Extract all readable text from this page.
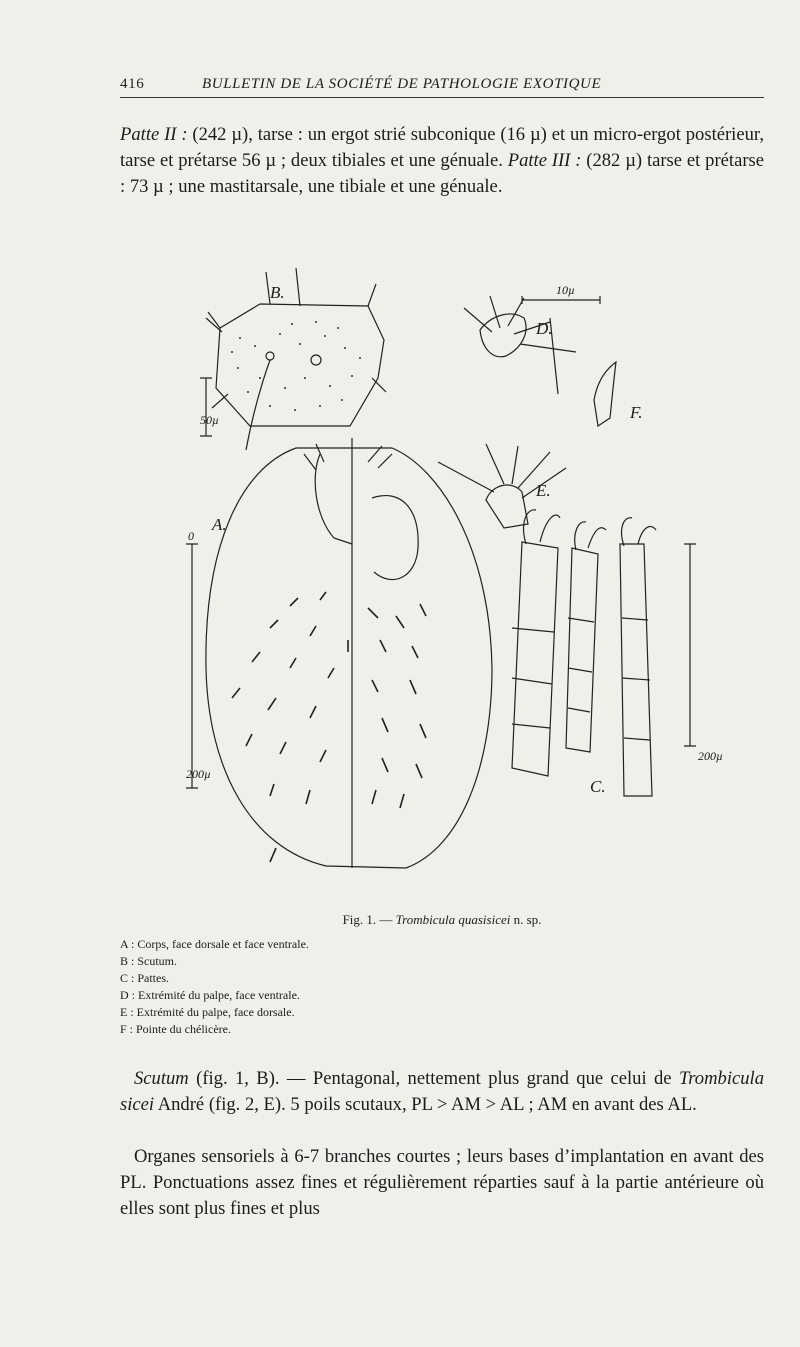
416	BULLETIN DE LA SOCIÉTÉ DE PATHOLOGIE EXOTIQUE
Patte II : (242 µ), tarse : un ergot strié subconique (16 µ) et un micro-ergot postérieur, tarse et prétarse 56 µ ; deux tibiales et une génuale. Patte III : (282 µ) tarse et prétarse : 73 µ ; une mastitarsale, une tibiale et une génuale.
B.
A.
C.
D.
E.
F.
50µ
10µ
200µ
200µ
0
Fig. 1. — Trombicula quasisicei n. sp.
A : Corps, face dorsale et face ventrale.
B : Scutum.
C : Pattes.
D : Extrémité du palpe, face ventrale.
E : Extrémité du palpe, face dorsale.
F : Pointe du chélicère.
Scutum (fig. 1, B). — Pentagonal, nettement plus grand que celui de Trombicula sicei André (fig. 2, E). 5 poils scutaux, PL > AM > AL ; AM en avant des AL.
Organes sensoriels à 6-7 branches courtes ; leurs bases d’implantation en avant des PL. Ponctuations assez fines et régulièrement réparties sauf à la partie antérieure où elles sont plus fines et plus
